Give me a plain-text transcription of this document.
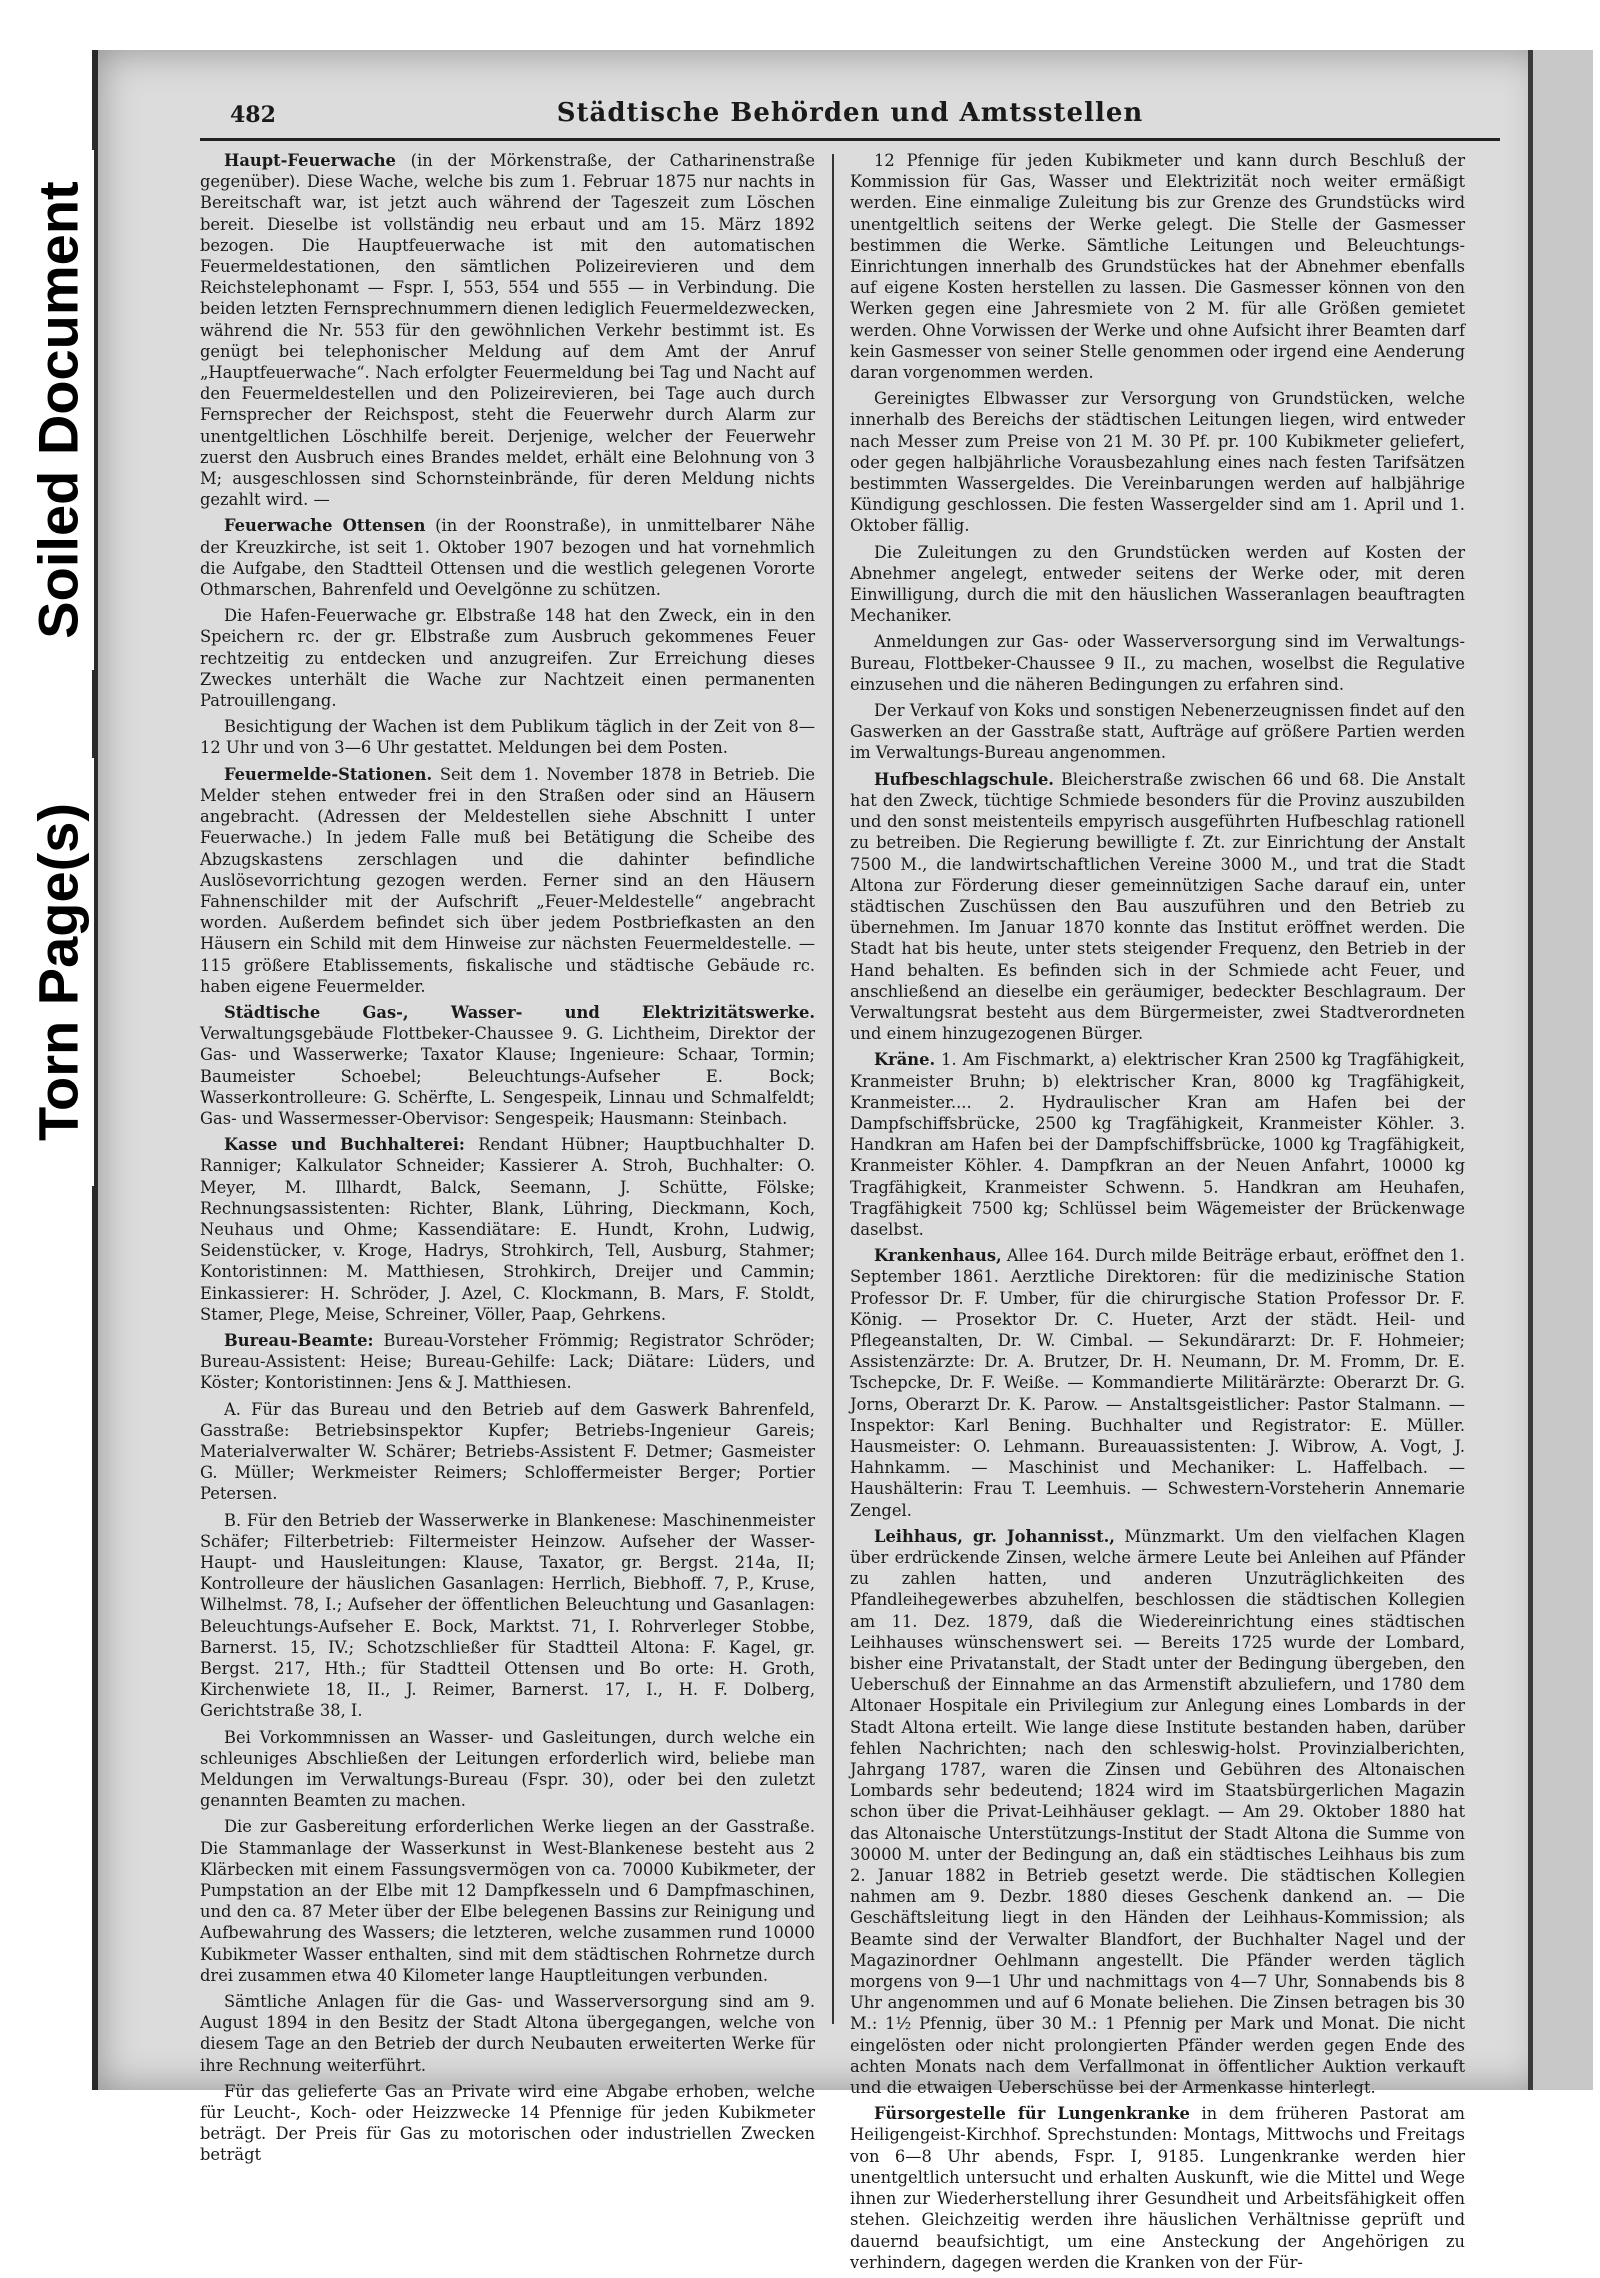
Soiled Document
Torn Page(s)
482	Städtische Behörden und Amtsstellen

Haupt-Feuerwache (in der Mörkenstraße, der Catharinenstraße gegenüber). Diese Wache, welche bis zum 1. Februar 1875 nur nachts in Bereitschaft war, ist jetzt auch während der Tageszeit zum Löschen bereit. Dieselbe ist vollständig neu erbaut und am 15. März 1892 bezogen. Die Hauptfeuerwache ist mit den automatischen Feuermeldestationen, den sämtlichen Polizeirevieren und dem Reichstelephonamt — Fspr. I, 553, 554 und 555 — in Verbindung. Die beiden letzten Fernsprechnummern dienen lediglich Feuermeldezwecken, während die Nr. 553 für den gewöhnlichen Verkehr bestimmt ist. Es genügt bei telephonischer Meldung auf dem Amt der Anruf „Hauptfeuerwache“. Nach erfolgter Feuermeldung bei Tag und Nacht auf den Feuermeldestellen und den Polizeirevieren, bei Tage auch durch Fernsprecher der Reichspost, steht die Feuerwehr durch Alarm zur unentgeltlichen Löschhilfe bereit. Derjenige, welcher der Feuerwehr zuerst den Ausbruch eines Brandes meldet, erhält eine Belohnung von 3 M; ausgeschlossen sind Schornsteinbrände, für deren Meldung nichts gezahlt wird. —

Feuerwache Ottensen (in der Roonstraße), in unmittelbarer Nähe der Kreuzkirche, ist seit 1. Oktober 1907 bezogen und hat vornehmlich die Aufgabe, den Stadtteil Ottensen und die westlich gelegenen Vororte Othmarschen, Bahrenfeld und Oevelgönne zu schützen.

Die Hafen-Feuerwache gr. Elbstraße 148 hat den Zweck, ein in den Speichern rc. der gr. Elbstraße zum Ausbruch gekommenes Feuer rechtzeitig zu entdecken und anzugreifen. Zur Erreichung dieses Zweckes unterhält die Wache zur Nachtzeit einen permanenten Patrouillengang.

Besichtigung der Wachen ist dem Publikum täglich in der Zeit von 8—12 Uhr und von 3—6 Uhr gestattet. Meldungen bei dem Posten.

Feuermelde-Stationen. Seit dem 1. November 1878 in Betrieb. Die Melder stehen entweder frei in den Straßen oder sind an Häusern angebracht. (Adressen der Meldestellen siehe Abschnitt I unter Feuerwache.) In jedem Falle muß bei Betätigung die Scheibe des Abzugskastens zerschlagen und die dahinter befindliche Auslösevorrichtung gezogen werden. Ferner sind an den Häusern Fahnenschilder mit der Aufschrift „Feuer-Meldestelle“ angebracht worden. Außerdem befindet sich über jedem Postbriefkasten an den Häusern ein Schild mit dem Hinweise zur nächsten Feuermeldestelle. — 115 größere Etablissements, fiskalische und städtische Gebäude rc. haben eigene Feuermelder.

Städtische Gas-, Wasser- und Elektrizitätswerke. Verwaltungsgebäude Flottbeker-Chaussee 9. G. Lichtheim, Direktor der Gas- und Wasserwerke; Taxator Klause; Ingenieure: Schaar, Tormin; Baumeister Schoebel; Beleuchtungs-Aufseher E. Bock; Wasserkontrolleure: G. Schërfte, L. Sengespeik, Linnau und Schmalfeldt; Gas- und Wassermesser-Obervisor: Sengespeik; Hausmann: Steinbach.

Kasse und Buchhalterei: Rendant Hübner; Hauptbuchhalter D. Ranniger; Kalkulator Schneider; Kassierer A. Stroh, Buchhalter: O. Meyer, M. Illhardt, Balck, Seemann, J. Schütte, Fölske; Rechnungsassistenten: Richter, Blank, Lühring, Dieckmann, Koch, Neuhaus und Ohme; Kassendiätare: E. Hundt, Krohn, Ludwig, Seidenstücker, v. Kroge, Hadrys, Strohkirch, Tell, Ausburg, Stahmer; Kontoristinnen: M. Matthiesen, Strohkirch, Dreijer und Cammin; Einkassierer: H. Schröder, J. Azel, C. Klockmann, B. Mars, F. Stoldt, Stamer, Plege, Meise, Schreiner, Völler, Paap, Gehrkens.

Bureau-Beamte: Bureau-Vorsteher Frömmig; Registrator Schröder; Bureau-Assistent: Heise; Bureau-Gehilfe: Lack; Diätare: Lüders, und Köster; Kontoristinnen: Jens & J. Matthiesen.

A. Für das Bureau und den Betrieb auf dem Gaswerk Bahrenfeld, Gasstraße: Betriebsinspektor Kupfer; Betriebs-Ingenieur Gareis; Materialverwalter W. Schärer; Betriebs-Assistent F. Detmer; Gasmeister G. Müller; Werkmeister Reimers; Schloffermeister Berger; Portier Petersen.

B. Für den Betrieb der Wasserwerke in Blankenese: Maschinenmeister Schäfer; Filterbetrieb: Filtermeister Heinzow. Aufseher der Wasser-Haupt- und Hausleitungen: Klause, Taxator, gr. Bergst. 214a, II; Kontrolleure der häuslichen Gasanlagen: Herrlich, Biebhoff. 7, P., Kruse, Wilhelmst. 78, I.; Aufseher der öffentlichen Beleuchtung und Gasanlagen: Beleuchtungs-Aufseher E. Bock, Marktst. 71, I. Rohrverleger Stobbe, Barnerst. 15, IV.; Schotzschließer für Stadtteil Altona: F. Kagel, gr. Bergst. 217, Hth.; für Stadtteil Ottensen und Bo orte: H. Groth, Kirchenwiete 18, II., J. Reimer, Barnerst. 17, I., H. F. Dolberg, Gerichtstraße 38, I.

Bei Vorkommnissen an Wasser- und Gasleitungen, durch welche ein schleuniges Abschließen der Leitungen erforderlich wird, beliebe man Meldungen im Verwaltungs-Bureau (Fspr. 30), oder bei den zuletzt genannten Beamten zu machen.

Die zur Gasbereitung erforderlichen Werke liegen an der Gasstraße. Die Stammanlage der Wasserkunst in West-Blankenese besteht aus 2 Klärbecken mit einem Fassungsvermögen von ca. 70000 Kubikmeter, der Pumpstation an der Elbe mit 12 Dampfkesseln und 6 Dampfmaschinen, und den ca. 87 Meter über der Elbe belegenen Bassins zur Reinigung und Aufbewahrung des Wassers; die letzteren, welche zusammen rund 10000 Kubikmeter Wasser enthalten, sind mit dem städtischen Rohrnetze durch drei zusammen etwa 40 Kilometer lange Hauptleitungen verbunden.

Sämtliche Anlagen für die Gas- und Wasserversorgung sind am 9. August 1894 in den Besitz der Stadt Altona übergegangen, welche von diesem Tage an den Betrieb der durch Neubauten erweiterten Werke für ihre Rechnung weiterführt.

Für das gelieferte Gas an Private wird eine Abgabe erhoben, welche für Leucht-, Koch- oder Heizzwecke 14 Pfennige für jeden Kubikmeter beträgt. Der Preis für Gas zu motorischen oder industriellen Zwecken beträgt

12 Pfennige für jeden Kubikmeter und kann durch Beschluß der Kommission für Gas, Wasser und Elektrizität noch weiter ermäßigt werden. Eine einmalige Zuleitung bis zur Grenze des Grundstücks wird unentgeltlich seitens der Werke gelegt. Die Stelle der Gasmesser bestimmen die Werke. Sämtliche Leitungen und Beleuchtungs-Einrichtungen innerhalb des Grundstückes hat der Abnehmer ebenfalls auf eigene Kosten herstellen zu lassen. Die Gasmesser können von den Werken gegen eine Jahresmiete von 2 M. für alle Größen gemietet werden. Ohne Vorwissen der Werke und ohne Aufsicht ihrer Beamten darf kein Gasmesser von seiner Stelle genommen oder irgend eine Aenderung daran vorgenommen werden.

Gereinigtes Elbwasser zur Versorgung von Grundstücken, welche innerhalb des Bereichs der städtischen Leitungen liegen, wird entweder nach Messer zum Preise von 21 M. 30 Pf. pr. 100 Kubikmeter geliefert, oder gegen halbjährliche Vorausbezahlung eines nach festen Tarifsätzen bestimmten Wassergeldes. Die Vereinbarungen werden auf halbjährige Kündigung geschlossen. Die festen Wassergelder sind am 1. April und 1. Oktober fällig.

Die Zuleitungen zu den Grundstücken werden auf Kosten der Abnehmer angelegt, entweder seitens der Werke oder, mit deren Einwilligung, durch die mit den häuslichen Wasseranlagen beauftragten Mechaniker.

Anmeldungen zur Gas- oder Wasserversorgung sind im Verwaltungs-Bureau, Flottbeker-Chaussee 9 II., zu machen, woselbst die Regulative einzusehen und die näheren Bedingungen zu erfahren sind.

Der Verkauf von Koks und sonstigen Nebenerzeugnissen findet auf den Gaswerken an der Gasstraße statt, Aufträge auf größere Partien werden im Verwaltungs-Bureau angenommen.

Hufbeschlagschule. Bleicherstraße zwischen 66 und 68. Die Anstalt hat den Zweck, tüchtige Schmiede besonders für die Provinz auszubilden und den sonst meistenteils empyrisch ausgeführten Hufbeschlag rationell zu betreiben. Die Regierung bewilligte f. Zt. zur Einrichtung der Anstalt 7500 M., die landwirtschaftlichen Vereine 3000 M., und trat die Stadt Altona zur Förderung dieser gemeinnützigen Sache darauf ein, unter städtischen Zuschüssen den Bau auszuführen und den Betrieb zu übernehmen. Im Januar 1870 konnte das Institut eröffnet werden. Die Stadt hat bis heute, unter stets steigender Frequenz, den Betrieb in der Hand behalten. Es befinden sich in der Schmiede acht Feuer, und anschließend an dieselbe ein geräumiger, bedeckter Beschlagraum. Der Verwaltungsrat besteht aus dem Bürgermeister, zwei Stadtverordneten und einem hinzugezogenen Bürger.

Kräne. 1. Am Fischmarkt, a) elektrischer Kran 2500 kg Tragfähigkeit, Kranmeister Bruhn; b) elektrischer Kran, 8000 kg Tragfähigkeit, Kranmeister.... 2. Hydraulischer Kran am Hafen bei der Dampfschiffsbrücke, 2500 kg Tragfähigkeit, Kranmeister Köhler. 3. Handkran am Hafen bei der Dampfschiffsbrücke, 1000 kg Tragfähigkeit, Kranmeister Köhler. 4. Dampfkran an der Neuen Anfahrt, 10000 kg Tragfähigkeit, Kranmeister Schwenn. 5. Handkran am Heuhafen, Tragfähigkeit 7500 kg; Schlüssel beim Wägemeister der Brückenwage daselbst.

Krankenhaus, Allee 164. Durch milde Beiträge erbaut, eröffnet den 1. September 1861. Aerztliche Direktoren: für die medizinische Station Professor Dr. F. Umber, für die chirurgische Station Professor Dr. F. König. — Prosektor Dr. C. Hueter, Arzt der städt. Heil- und Pflegeanstalten, Dr. W. Cimbal. — Sekundärarzt: Dr. F. Hohmeier; Assistenzärzte: Dr. A. Brutzer, Dr. H. Neumann, Dr. M. Fromm, Dr. E. Tschepcke, Dr. F. Weiße. — Kommandierte Militärärzte: Oberarzt Dr. G. Jorns, Oberarzt Dr. K. Parow. — Anstaltsgeistlicher: Pastor Stalmann. — Inspektor: Karl Bening. Buchhalter und Registrator: E. Müller. Hausmeister: O. Lehmann. Bureauassistenten: J. Wibrow, A. Vogt, J. Hahnkamm. — Maschinist und Mechaniker: L. Haffelbach. — Haushälterin: Frau T. Leemhuis. — Schwestern-Vorsteherin Annemarie Zengel.

Leihhaus, gr. Johannisst., Münzmarkt. Um den vielfachen Klagen über erdrückende Zinsen, welche ärmere Leute bei Anleihen auf Pfänder zu zahlen hatten, und anderen Unzuträglichkeiten des Pfandleihegewerbes abzuhelfen, beschlossen die städtischen Kollegien am 11. Dez. 1879, daß die Wiedereinrichtung eines städtischen Leihhauses wünschenswert sei. — Bereits 1725 wurde der Lombard, bisher eine Privatanstalt, der Stadt unter der Bedingung übergeben, den Ueberschuß der Einnahme an das Armenstift abzuliefern, und 1780 dem Altonaer Hospitale ein Privilegium zur Anlegung eines Lombards in der Stadt Altona erteilt. Wie lange diese Institute bestanden haben, darüber fehlen Nachrichten; nach den schleswig-holst. Provinzialberichten, Jahrgang 1787, waren die Zinsen und Gebühren des Altonaischen Lombards sehr bedeutend; 1824 wird im Staatsbürgerlichen Magazin schon über die Privat-Leihhäuser geklagt. — Am 29. Oktober 1880 hat das Altonaische Unterstützungs-Institut der Stadt Altona die Summe von 30000 M. unter der Bedingung an, daß ein städtisches Leihhaus bis zum 2. Januar 1882 in Betrieb gesetzt werde. Die städtischen Kollegien nahmen am 9. Dezbr. 1880 dieses Geschenk dankend an. — Die Geschäftsleitung liegt in den Händen der Leihhaus-Kommission; als Beamte sind der Verwalter Blandfort, der Buchhalter Nagel und der Magazinordner Oehlmann angestellt. Die Pfänder werden täglich morgens von 9—1 Uhr und nachmittags von 4—7 Uhr, Sonnabends bis 8 Uhr angenommen und auf 6 Monate beliehen. Die Zinsen betragen bis 30 M.: 1½ Pfennig, über 30 M.: 1 Pfennig per Mark und Monat. Die nicht eingelösten oder nicht prolongierten Pfänder werden gegen Ende des achten Monats nach dem Verfallmonat in öffentlicher Auktion verkauft und die etwaigen Ueberschüsse bei der Armenkasse hinterlegt.

Fürsorgestelle für Lungenkranke in dem früheren Pastorat am Heiligengeist-Kirchhof. Sprechstunden: Montags, Mittwochs und Freitags von 6—8 Uhr abends, Fspr. I, 9185. Lungenkranke werden hier unentgeltlich untersucht und erhalten Auskunft, wie die Mittel und Wege ihnen zur Wiederherstellung ihrer Gesundheit und Arbeitsfähigkeit offen stehen. Gleichzeitig werden ihre häuslichen Verhältnisse geprüft und dauernd beaufsichtigt, um eine Ansteckung der Angehörigen zu verhindern, dagegen werden die Kranken von der Für-
